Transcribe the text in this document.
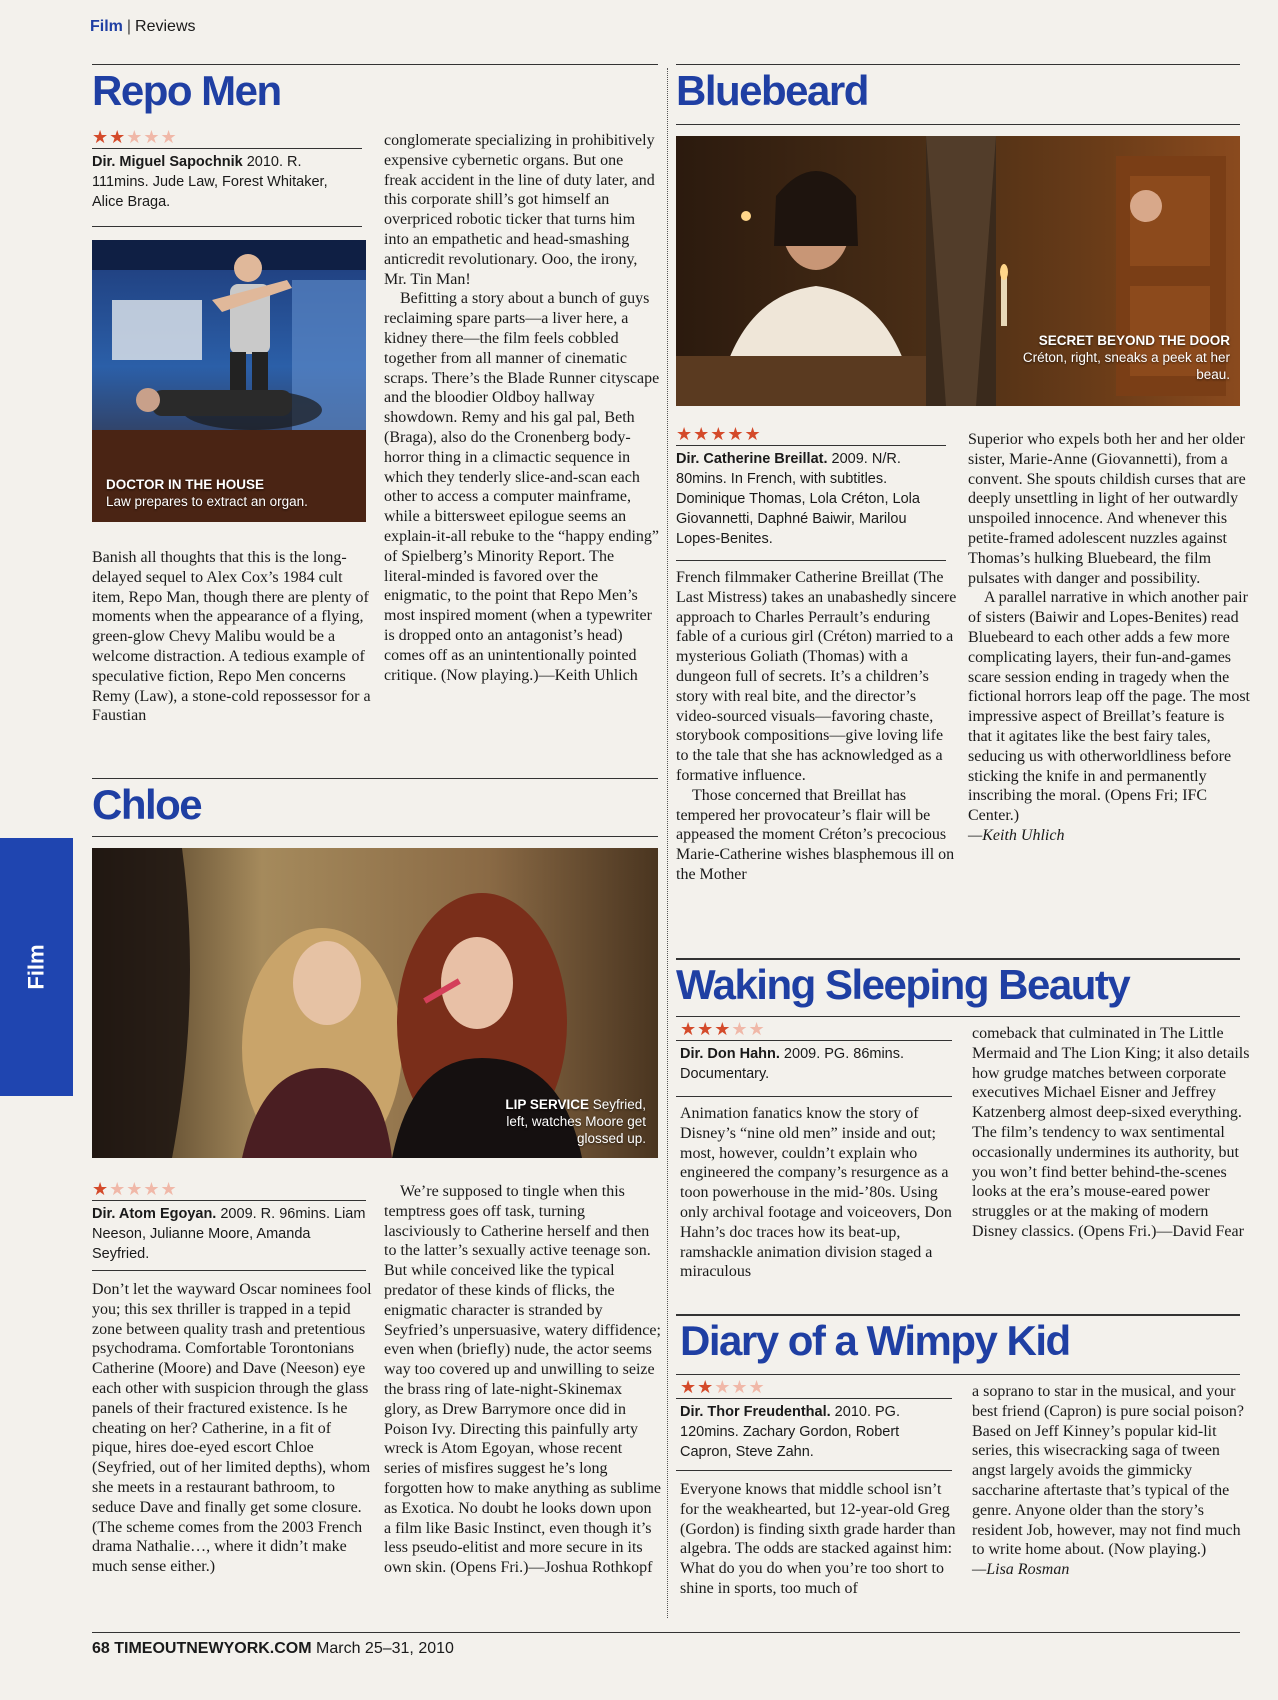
Film | Reviews
Film
Repo Men
★★★★★
Dir. Miguel Sapochnik 2010. R. 111mins. Jude Law, Forest Whitaker, Alice Braga.
DOCTOR IN THE HOUSE
Law prepares to extract an organ.

Banish all thoughts that this is the long-delayed sequel to Alex Cox’s 1984 cult item, Repo Man, though there are plenty of moments when the appearance of a flying, green-glow Chevy Malibu would be a welcome distraction. A tedious example of speculative fiction, Repo Men concerns Remy (Law), a stone-cold repossessor for a Faustian

conglomerate specializing in prohibitively expensive cybernetic organs. But one freak accident in the line of duty later, and this corporate shill’s got himself an overpriced robotic ticker that turns him into an empathetic and head-smashing anticredit revolutionary. Ooo, the irony, Mr. Tin Man!

Befitting a story about a bunch of guys reclaiming spare parts—a liver here, a kidney there—the film feels cobbled together from all manner of cinematic scraps. There’s the Blade Runner cityscape and the bloodier Oldboy hallway showdown. Remy and his gal pal, Beth (Braga), also do the Cronenberg body-horror thing in a climactic sequence in which they tenderly slice-and-scan each other to access a computer mainframe, while a bittersweet epilogue seems an explain-it-all rebuke to the “happy ending” of Spielberg’s Minority Report. The literal-minded is favored over the enigmatic, to the point that Repo Men’s most inspired moment (when a typewriter is dropped onto an antagonist’s head) comes off as an unintentionally pointed critique. (Now playing.)—Keith Uhlich

Chloe
LIP SERVICE Seyfried, left, watches Moore get glossed up.
★★★★★
Dir. Atom Egoyan. 2009. R. 96mins. Liam Neeson, Julianne Moore, Amanda Seyfried.

Don’t let the wayward Oscar nominees fool you; this sex thriller is trapped in a tepid zone between quality trash and pretentious psychodrama. Comfortable Torontonians Catherine (Moore) and Dave (Neeson) eye each other with suspicion through the glass panels of their fractured existence. Is he cheating on her? Catherine, in a fit of pique, hires doe-eyed escort Chloe (Seyfried, out of her limited depths), whom she meets in a restaurant bathroom, to seduce Dave and finally get some closure. (The scheme comes from the 2003 French drama Nathalie…, where it didn’t make much sense either.)

We’re supposed to tingle when this temptress goes off task, turning lasciviously to Catherine herself and then to the latter’s sexually active teenage son. But while conceived like the typical predator of these kinds of flicks, the enigmatic character is stranded by Seyfried’s unpersuasive, watery diffidence; even when (briefly) nude, the actor seems way too covered up and unwilling to seize the brass ring of late-night-Skinemax glory, as Drew Barrymore once did in Poison Ivy. Directing this painfully arty wreck is Atom Egoyan, whose recent series of misfires suggest he’s long forgotten how to make anything as sublime as Exotica. No doubt he looks down upon a film like Basic Instinct, even though it’s less pseudo-elitist and more secure in its own skin. (Opens Fri.)—Joshua Rothkopf

Bluebeard
SECRET BEYOND THE DOOR
Créton, right, sneaks a peek at her beau.
★★★★★
Dir. Catherine Breillat. 2009. N/R. 80mins. In French, with subtitles. Dominique Thomas, Lola Créton, Lola Giovannetti, Daphné Baiwir, Marilou Lopes-Benites.

French filmmaker Catherine Breillat (The Last Mistress) takes an unabashedly sincere approach to Charles Perrault’s enduring fable of a curious girl (Créton) married to a mysterious Goliath (Thomas) with a dungeon full of secrets. It’s a children’s story with real bite, and the director’s video-sourced visuals—favoring chaste, storybook compositions—give loving life to the tale that she has acknowledged as a formative influence.

Those concerned that Breillat has tempered her provocateur’s flair will be appeased the moment Créton’s precocious Marie-Catherine wishes blasphemous ill on the Mother

Superior who expels both her and her older sister, Marie-Anne (Giovannetti), from a convent. She spouts childish curses that are deeply unsettling in light of her outwardly unspoiled innocence. And whenever this petite-framed adolescent nuzzles against Thomas’s hulking Bluebeard, the film pulsates with danger and possibility.

A parallel narrative in which another pair of sisters (Baiwir and Lopes-Benites) read Bluebeard to each other adds a few more complicating layers, their fun-and-games scare session ending in tragedy when the fictional horrors leap off the page. The most impressive aspect of Breillat’s feature is that it agitates like the best fairy tales, seducing us with otherworldliness before sticking the knife in and permanently inscribing the moral. (Opens Fri; IFC Center.)

—Keith Uhlich

Waking Sleeping Beauty
★★★★★
Dir. Don Hahn. 2009. PG. 86mins. Documentary.

Animation fanatics know the story of Disney’s “nine old men” inside and out; most, however, couldn’t explain who engineered the company’s resurgence as a toon powerhouse in the mid-’80s. Using only archival footage and voiceovers, Don Hahn’s doc traces how its beat-up, ramshackle animation division staged a miraculous

comeback that culminated in The Little Mermaid and The Lion King; it also details how grudge matches between corporate executives Michael Eisner and Jeffrey Katzenberg almost deep-sixed everything. The film’s tendency to wax sentimental occasionally undermines its authority, but you won’t find better behind-the-scenes looks at the era’s mouse-eared power struggles or at the making of modern Disney classics. (Opens Fri.)—David Fear

Diary of a Wimpy Kid
★★★★★
Dir. Thor Freudenthal. 2010. PG. 120mins. Zachary Gordon, Robert Capron, Steve Zahn.

Everyone knows that middle school isn’t for the weakhearted, but 12-year-old Greg (Gordon) is finding sixth grade harder than algebra. The odds are stacked against him: What do you do when you’re too short to shine in sports, too much of

a soprano to star in the musical, and your best friend (Capron) is pure social poison? Based on Jeff Kinney’s popular kid-lit series, this wisecracking saga of tween angst largely avoids the gimmicky saccharine aftertaste that’s typical of the genre. Anyone older than the story’s resident Job, however, may not find much to write home about. (Now playing.)

—Lisa Rosman

68 TIMEOUTNEWYORK.COM March 25–31, 2010
